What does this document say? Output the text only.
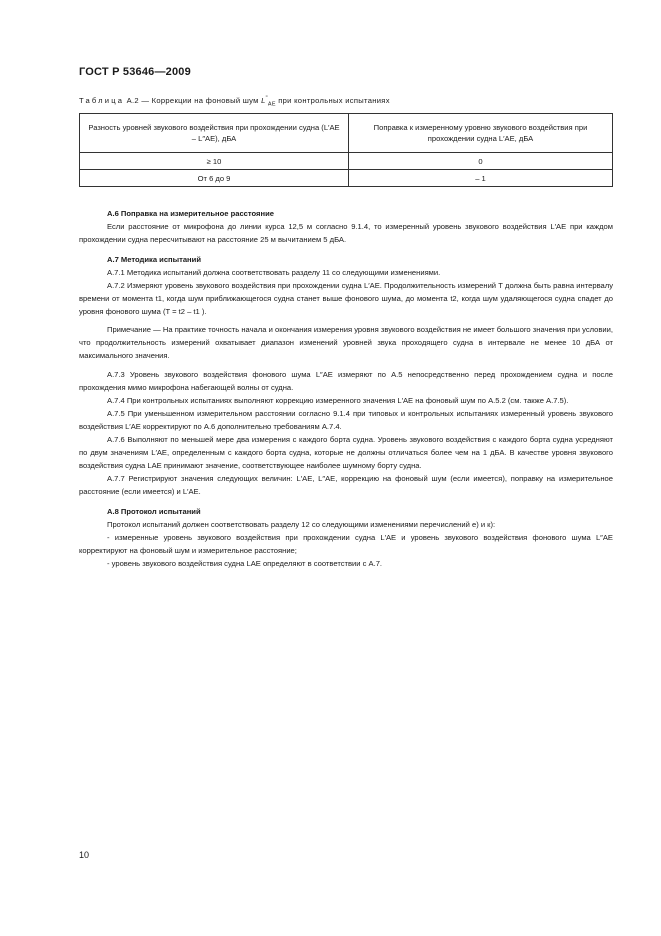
ГОСТ Р 53646—2009
Таблица А.2 — Коррекции на фоновый шум $L^"_{AE}$ при контрольных испытаниях
Разность уровней звукового воздействия при прохождении судна (L′AE – L″AE), дБА	Поправка к измеренному уровню звукового воздействия при прохождении судна L′AE, дБА
≥ 10	0
От 6 до 9	– 1

А.6 Поправка на измерительное расстояние

Если расстояние от микрофона до линии курса 12,5 м согласно 9.1.4, то измеренный уровень звукового воздействия L′AE при каждом прохождении судна пересчитывают на расстояние 25 м вычитанием 5 дБА.

А.7 Методика испытаний

А.7.1 Методика испытаний должна соответствовать разделу 11 со следующими изменениями.

А.7.2 Измеряют уровень звукового воздействия при прохождении судна L′AE. Продолжительность измерений T должна быть равна интервалу времени от момента t1, когда шум приближающегося судна станет выше фонового шума, до момента t2, когда шум удаляющегося судна спадет до уровня фонового шума (T = t2 – t1 ).

Примечание — На практике точность начала и окончания измерения уровня звукового воздействия не имеет большого значения при условии, что продолжительность измерений охватывает диапазон изменений уровней звука проходящего судна в интервале не менее 10 дБА от максимального значения.

А.7.3 Уровень звукового воздействия фонового шума L″AE измеряют по А.5 непосредственно перед прохождением судна и после прохождения мимо микрофона набегающей волны от судна.

А.7.4 При контрольных испытаниях выполняют коррекцию измеренного значения L′AE на фоновый шум по А.5.2 (см. также А.7.5).

А.7.5 При уменьшенном измерительном расстоянии согласно 9.1.4 при типовых и контрольных испытаниях измеренный уровень звукового воздействия L′AE корректируют по А.6 дополнительно требованиям А.7.4.

А.7.6 Выполняют по меньшей мере два измерения с каждого борта судна. Уровень звукового воздействия с каждого борта судна усредняют по двум значениям L′AE, определенным с каждого борта судна, которые не должны отличаться более чем на 1 дБА. В качестве уровня звукового воздействия судна LAE принимают значение, соответствующее наиболее шумному борту судна.

А.7.7 Регистрируют значения следующих величин: L′AE, L″AE, коррекцию на фоновый шум (если имеется), поправку на измерительное расстояние (если имеется) и L′AE.

А.8 Протокол испытаний

Протокол испытаний должен соответствовать разделу 12 со следующими изменениями перечислений е) и к):

- измеренные уровень звукового воздействия при прохождении судна L′AE и уровень звукового воздействия фонового шума L″AE корректируют на фоновый шум и измерительное расстояние;

- уровень звукового воздействия судна LAE определяют в соответствии с А.7.

10
